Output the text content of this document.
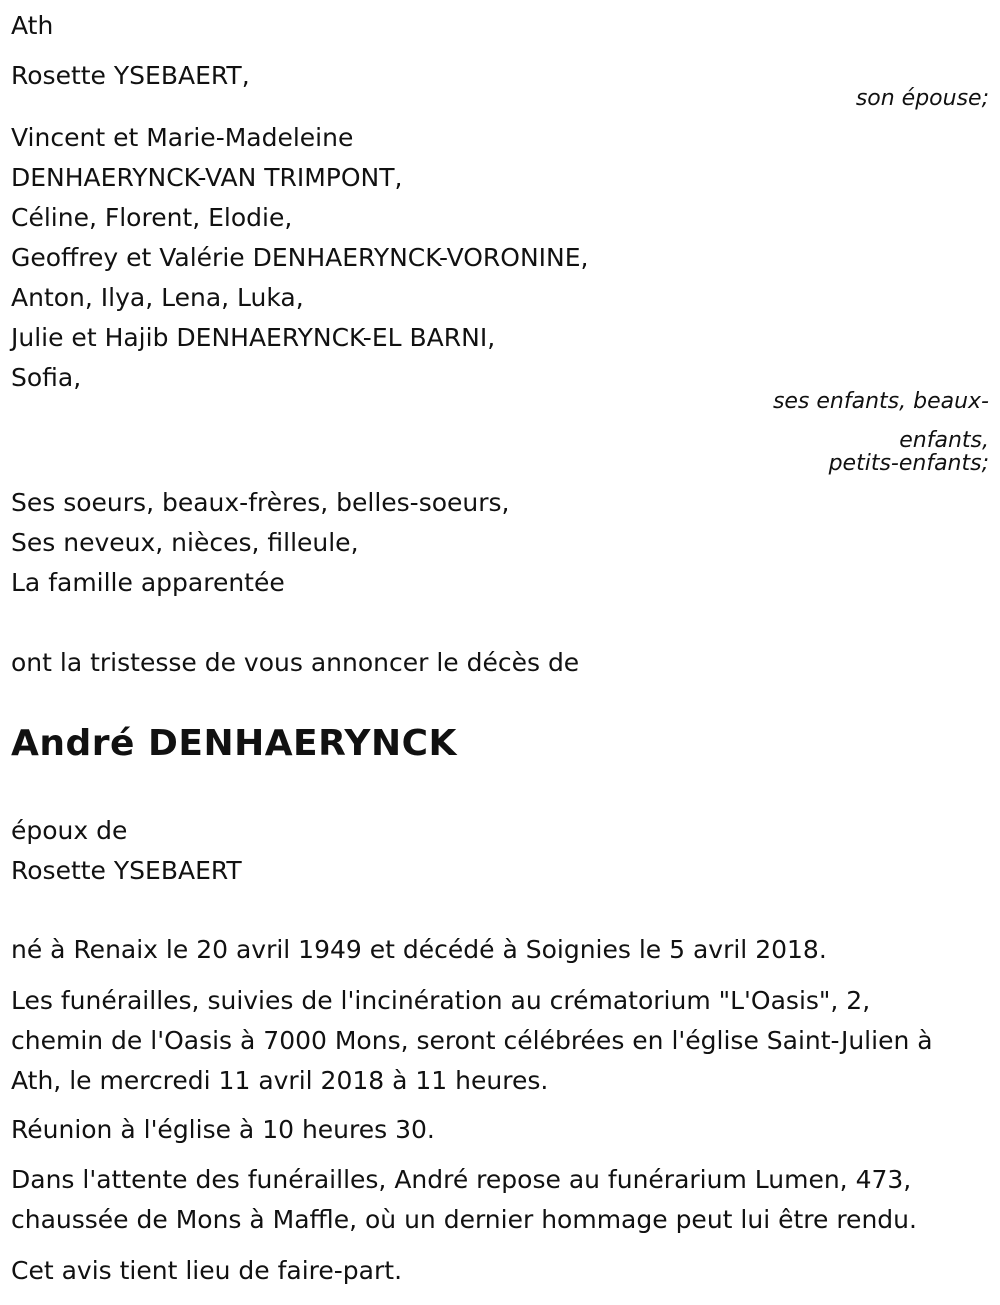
Ath

Rosette YSEBAERT,

son épouse;

Vincent et Marie-Madeleine

DENHAERYNCK-VAN TRIMPONT,

Céline, Florent, Elodie,

Geoffrey et Valérie DENHAERYNCK-VORONINE,

Anton, Ilya, Lena, Luka,

Julie et Hajib DENHAERYNCK-EL BARNI,

Sofia,

ses enfants, beaux-

enfants,

petits-enfants;

Ses soeurs, beaux-frères, belles-soeurs,

Ses neveux, nièces, filleule,

La famille apparentée

ont la tristesse de vous annoncer le décès de

André DENHAERYNCK

époux de

Rosette YSEBAERT

né à Renaix le 20 avril 1949 et décédé à Soignies le 5 avril 2018.

Les funérailles, suivies de l'incinération au crématorium "L'Oasis", 2,

chemin de l'Oasis à 7000 Mons, seront célébrées en l'église Saint-Julien à

Ath, le mercredi 11 avril 2018 à 11 heures.

Réunion à l'église à 10 heures 30.

Dans l'attente des funérailles, André repose au funérarium Lumen, 473,

chaussée de Mons à Maffle, où un dernier hommage peut lui être rendu.

Cet avis tient lieu de faire-part.
